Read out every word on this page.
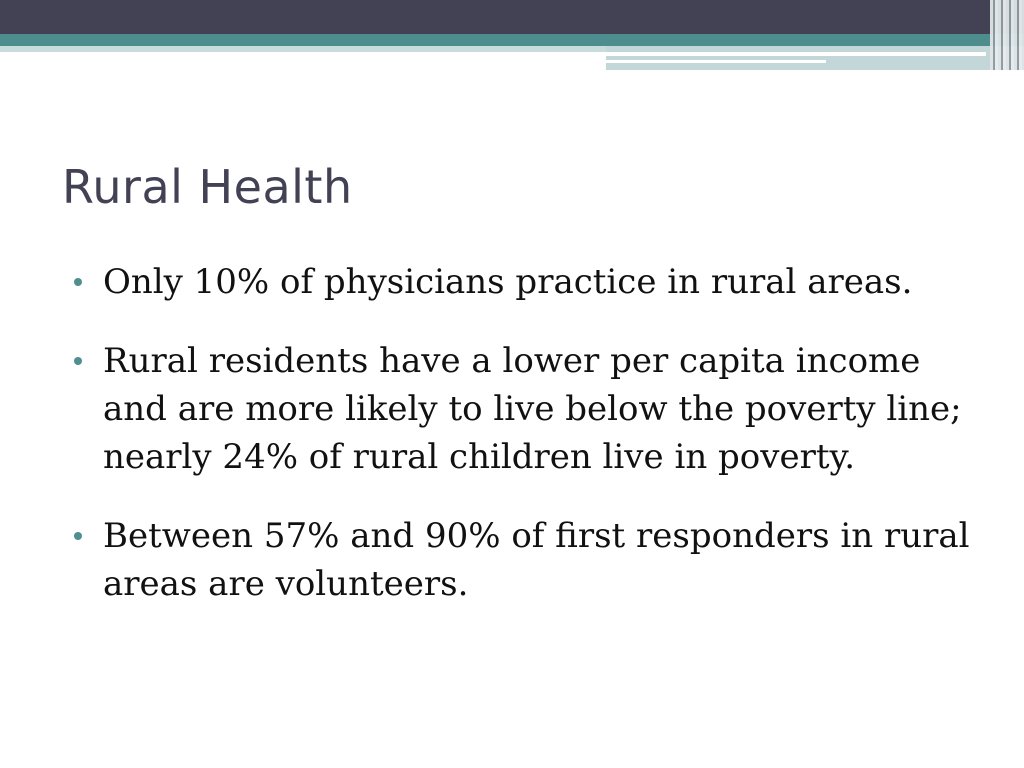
Rural Health
Only 10% of physicians practice in rural areas.
Rural residents have a lower per capita income and are more likely to live below the poverty line; nearly 24% of rural children live in poverty.
Between 57% and 90% of first responders in rural areas are volunteers.
